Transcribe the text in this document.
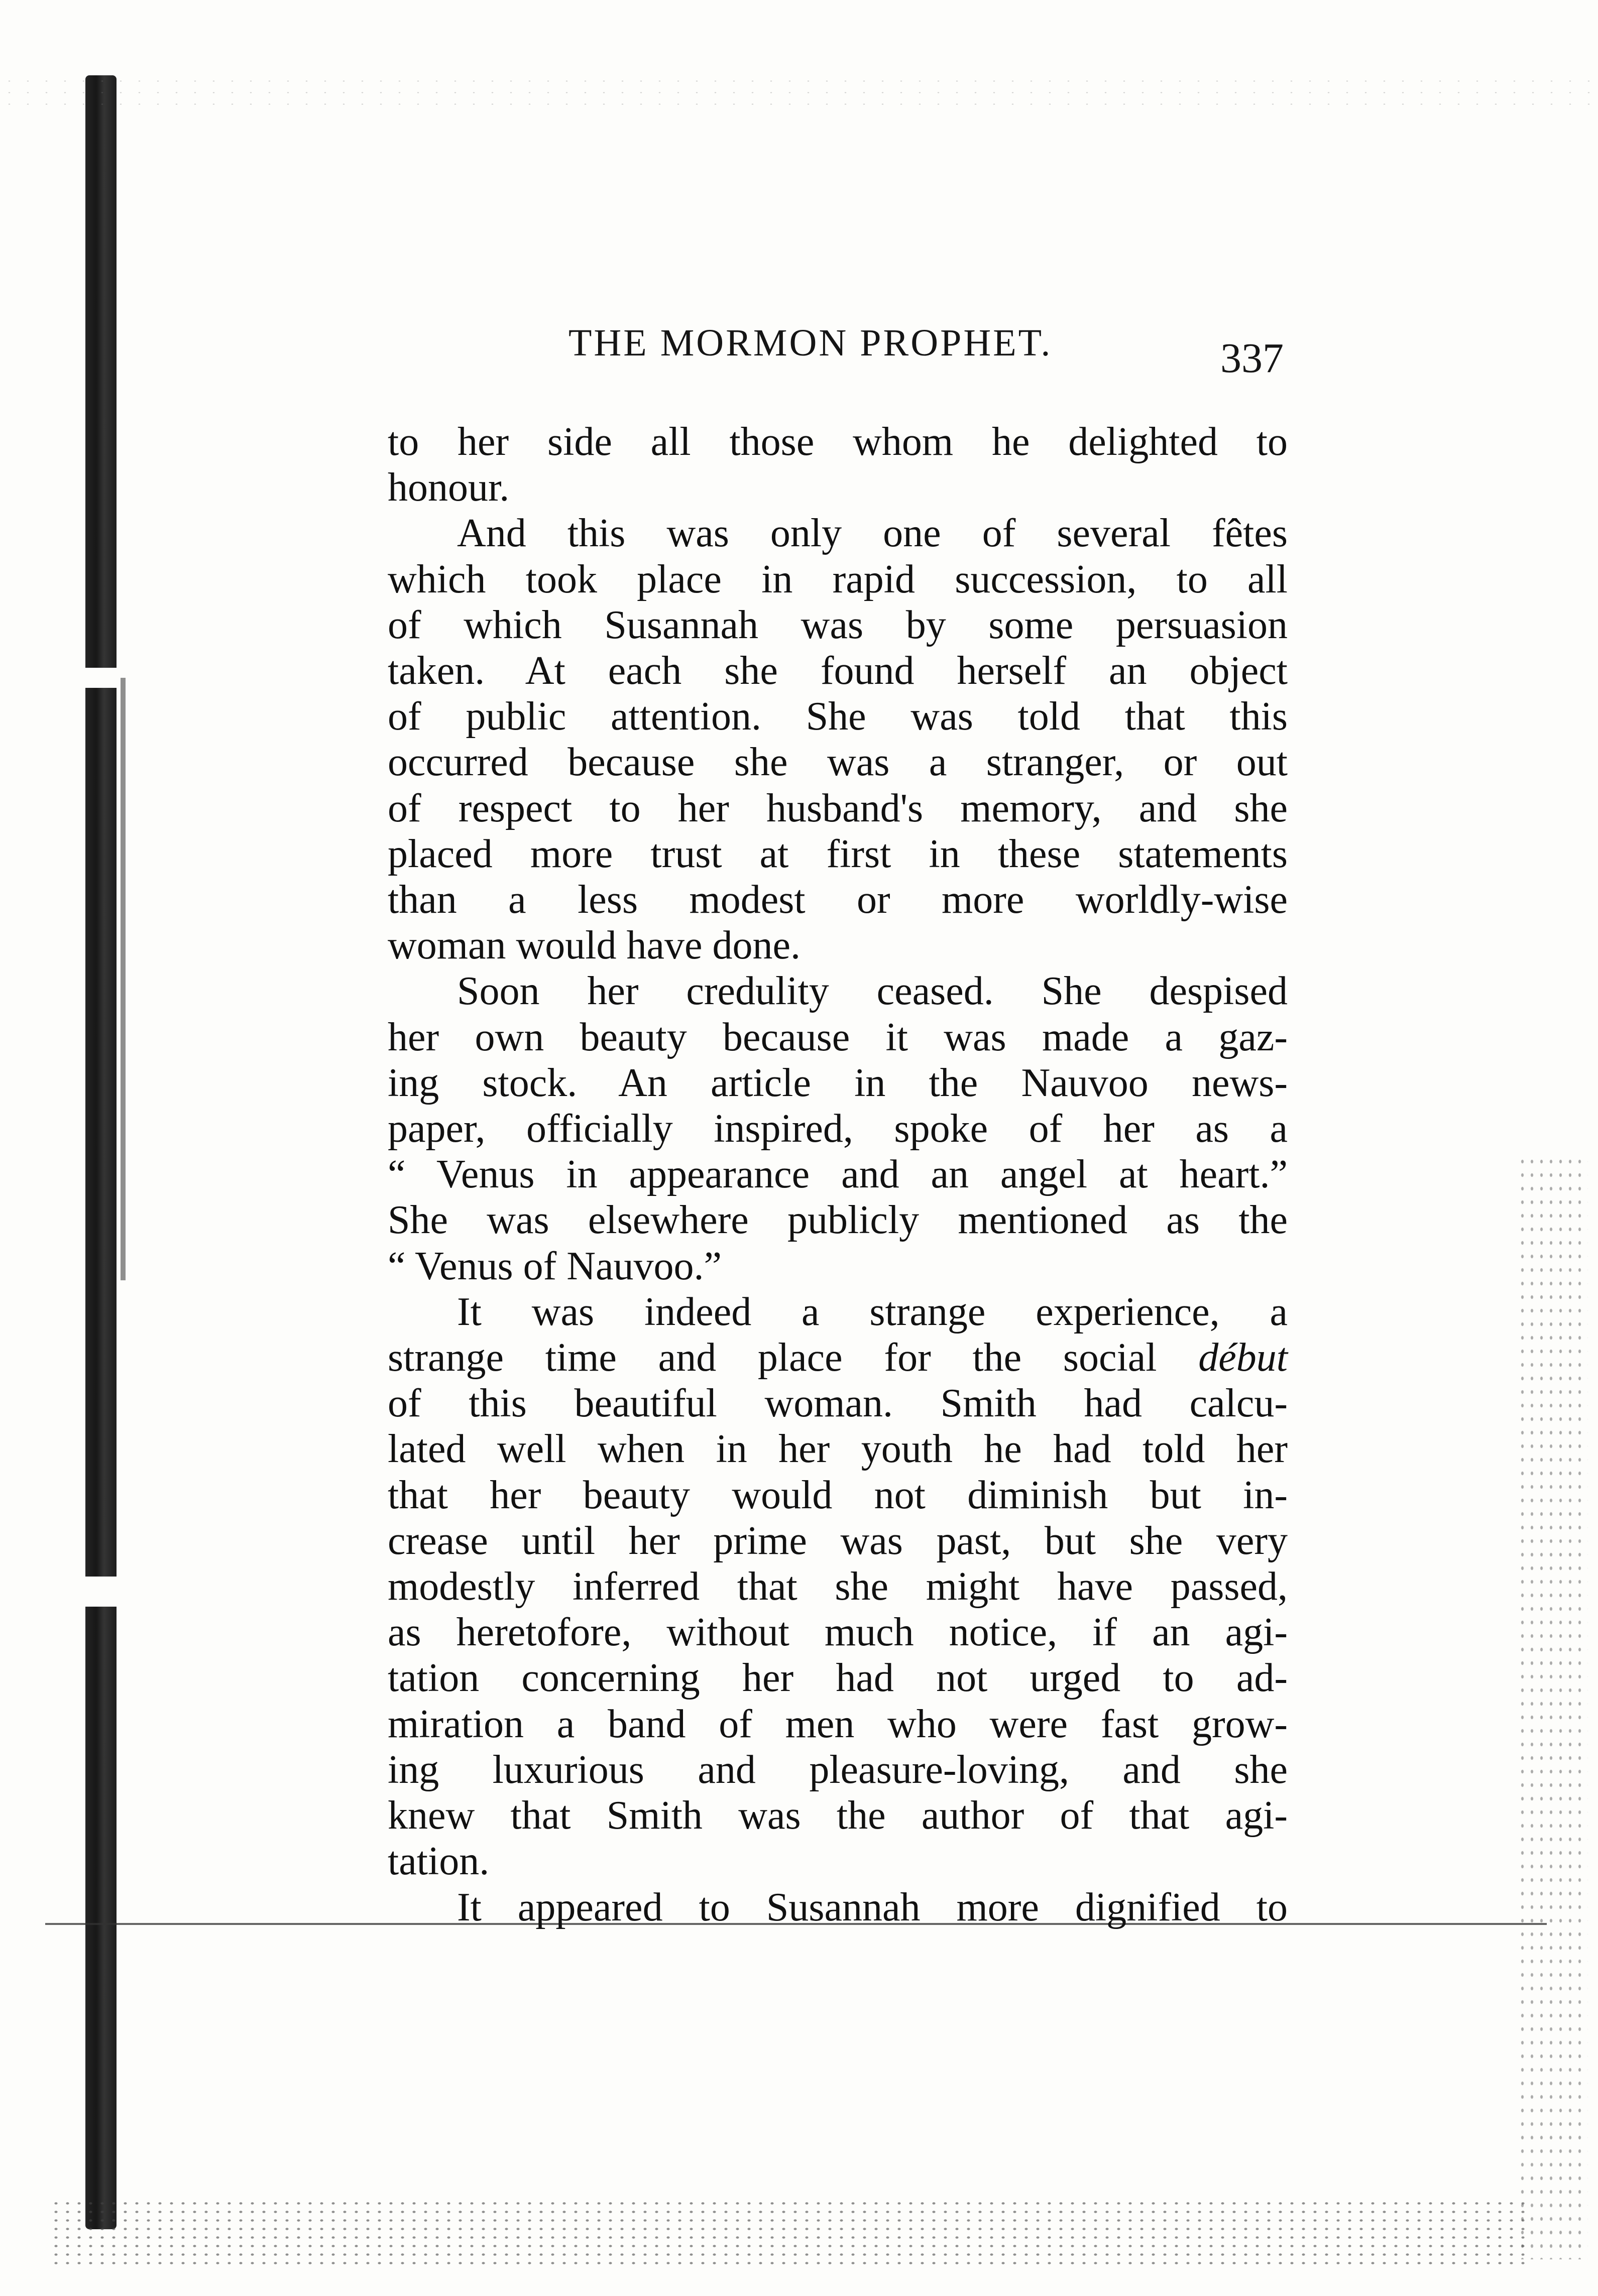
THE MORMON PROPHET.	337
to her side all those whom he delighted to
honour.
And this was only one of several fêtes
which took place in rapid succession, to all
of which Susannah was by some persuasion
taken. At each she found herself an object
of public attention. She was told that this
occurred because she was a stranger, or out
of respect to her husband's memory, and she
placed more trust at first in these statements
than a less modest or more worldly-wise
woman would have done.
Soon her credulity ceased. She despised
her own beauty because it was made a gaz-
ing stock. An article in the Nauvoo news-
paper, officially inspired, spoke of her as a
“ Venus in appearance and an angel at heart.”
She was elsewhere publicly mentioned as the
“ Venus of Nauvoo.”
It was indeed a strange experience, a
strange time and place for the social début
of this beautiful woman. Smith had calcu-
lated well when in her youth he had told her
that her beauty would not diminish but in-
crease until her prime was past, but she very
modestly inferred that she might have passed,
as heretofore, without much notice, if an agi-
tation concerning her had not urged to ad-
miration a band of men who were fast grow-
ing luxurious and pleasure-loving, and she
knew that Smith was the author of that agi-
tation.
It appeared to Susannah more dignified to
